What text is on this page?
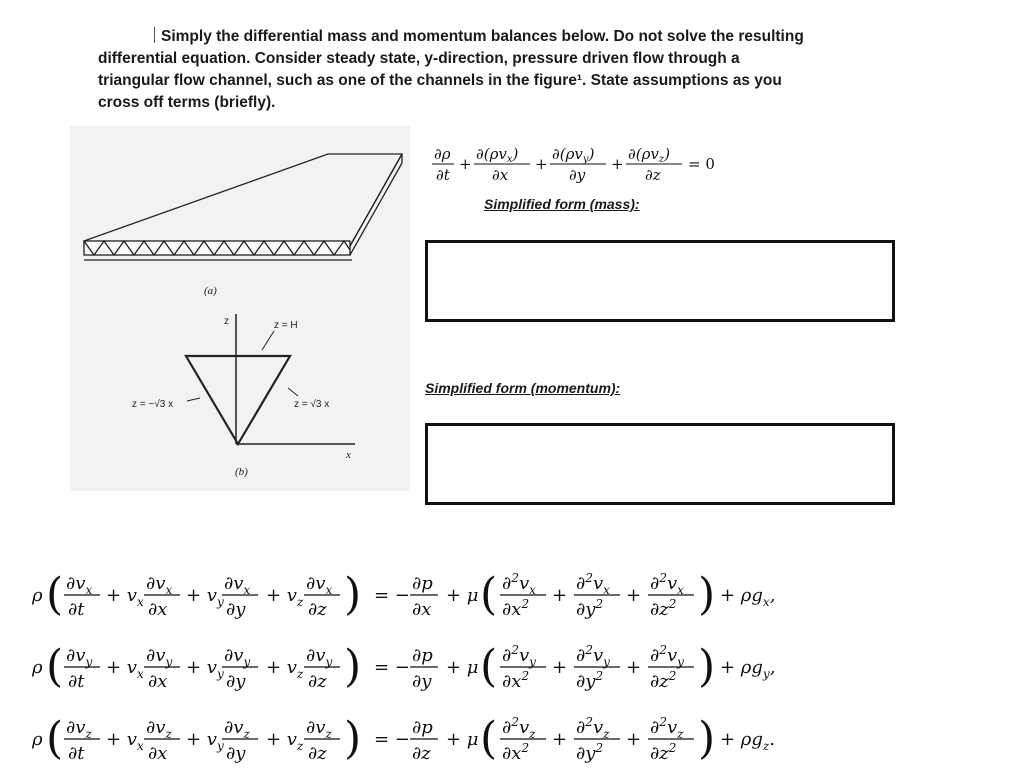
Simply the differential mass and momentum balances below. Do not solve the resulting
differential equation. Consider steady state, y-direction, pressure driven flow through a
triangular flow channel, such as one of the channels in the figure¹. State assumptions as you
cross off terms (briefly).
(a)
z	z = H
z = −√3 x	z = √3 x
x
(b)
∂ρ
∂t
+
$\partial(\rho v_x)$
∂x
+
$\partial(\rho v_y)$
∂y
+
$\partial(\rho v_z)$
∂z
= 0
Simplified form (mass):
Simplified form (momentum):
ρ ( $\partial v_x$
∂t
+ $v_x$
$\partial v_x$
∂x
+ $v_y$
$\partial v_x$
∂y
+ $v_z$
$\partial v_x$
∂z ) = −
∂p
∂x
+ μ ( $\partial^2v_x$
$\partial x^2$ +
$\partial^2v_x$
$\partial y^2$ +
$\partial^2v_x$
$\partial z^2$ ) + $\rho g_x$,
ρ ( $\partial v_y$
∂t
+ $v_x$
$\partial v_y$
∂x
+ $v_y$
$\partial v_y$
∂y
+ $v_z$
$\partial v_y$
∂z ) = −
∂p
∂y
+ μ ( $\partial^2v_y$
$\partial x^2$ +
$\partial^2v_y$
$\partial y^2$ +
$\partial^2v_y$
$\partial z^2$ ) + $\rho g_y$,
ρ ( $\partial v_z$
∂t
+ $v_x$
$\partial v_z$
∂x
+ $v_y$
$\partial v_z$
∂y
+ $v_z$
$\partial v_z$
∂z ) = −
∂p
∂z
+ μ ( $\partial^2v_z$
$\partial x^2$ +
$\partial^2v_z$
$\partial y^2$ +
$\partial^2v_z$
$\partial z^2$ ) + $\rho g_z$.
